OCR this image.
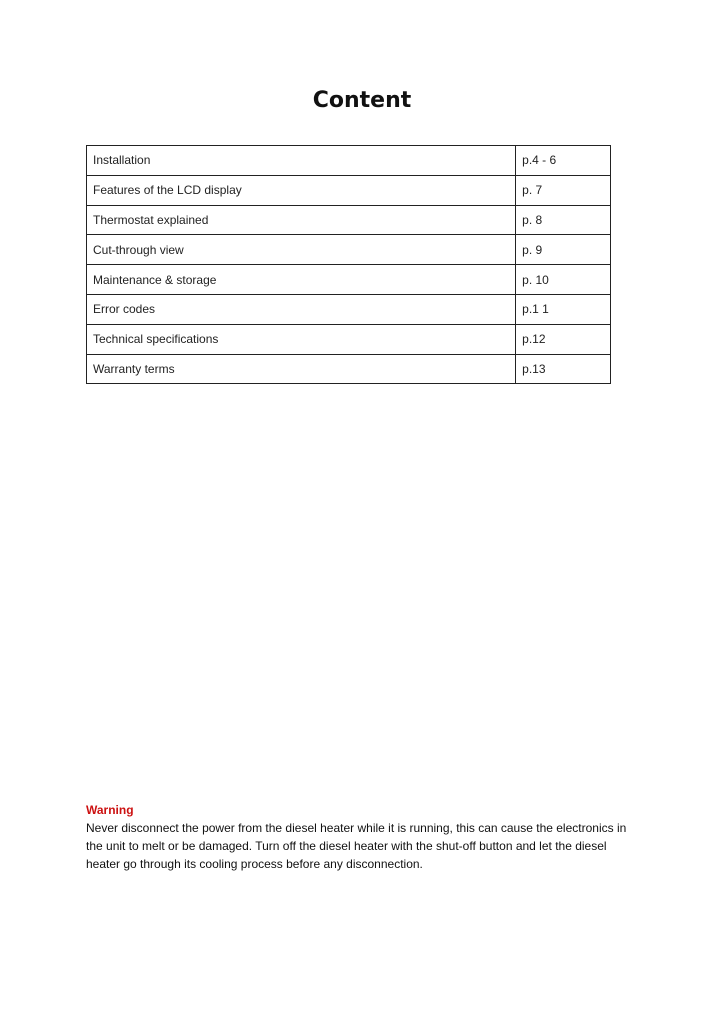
Content
Installation	p.4 - 6
Features of the LCD display	p. 7
Thermostat explained	p. 8
Cut-through view	p. 9
Maintenance & storage	p. 10
Error codes	p.1 1
Technical specifications	p.12
Warranty terms	p.13
Warning
Never disconnect the power from the diesel heater while it is running, this can cause the electronics in the unit to melt or be damaged. Turn off the diesel heater with the shut-off button and let the diesel heater go through its cooling process before any disconnection.
